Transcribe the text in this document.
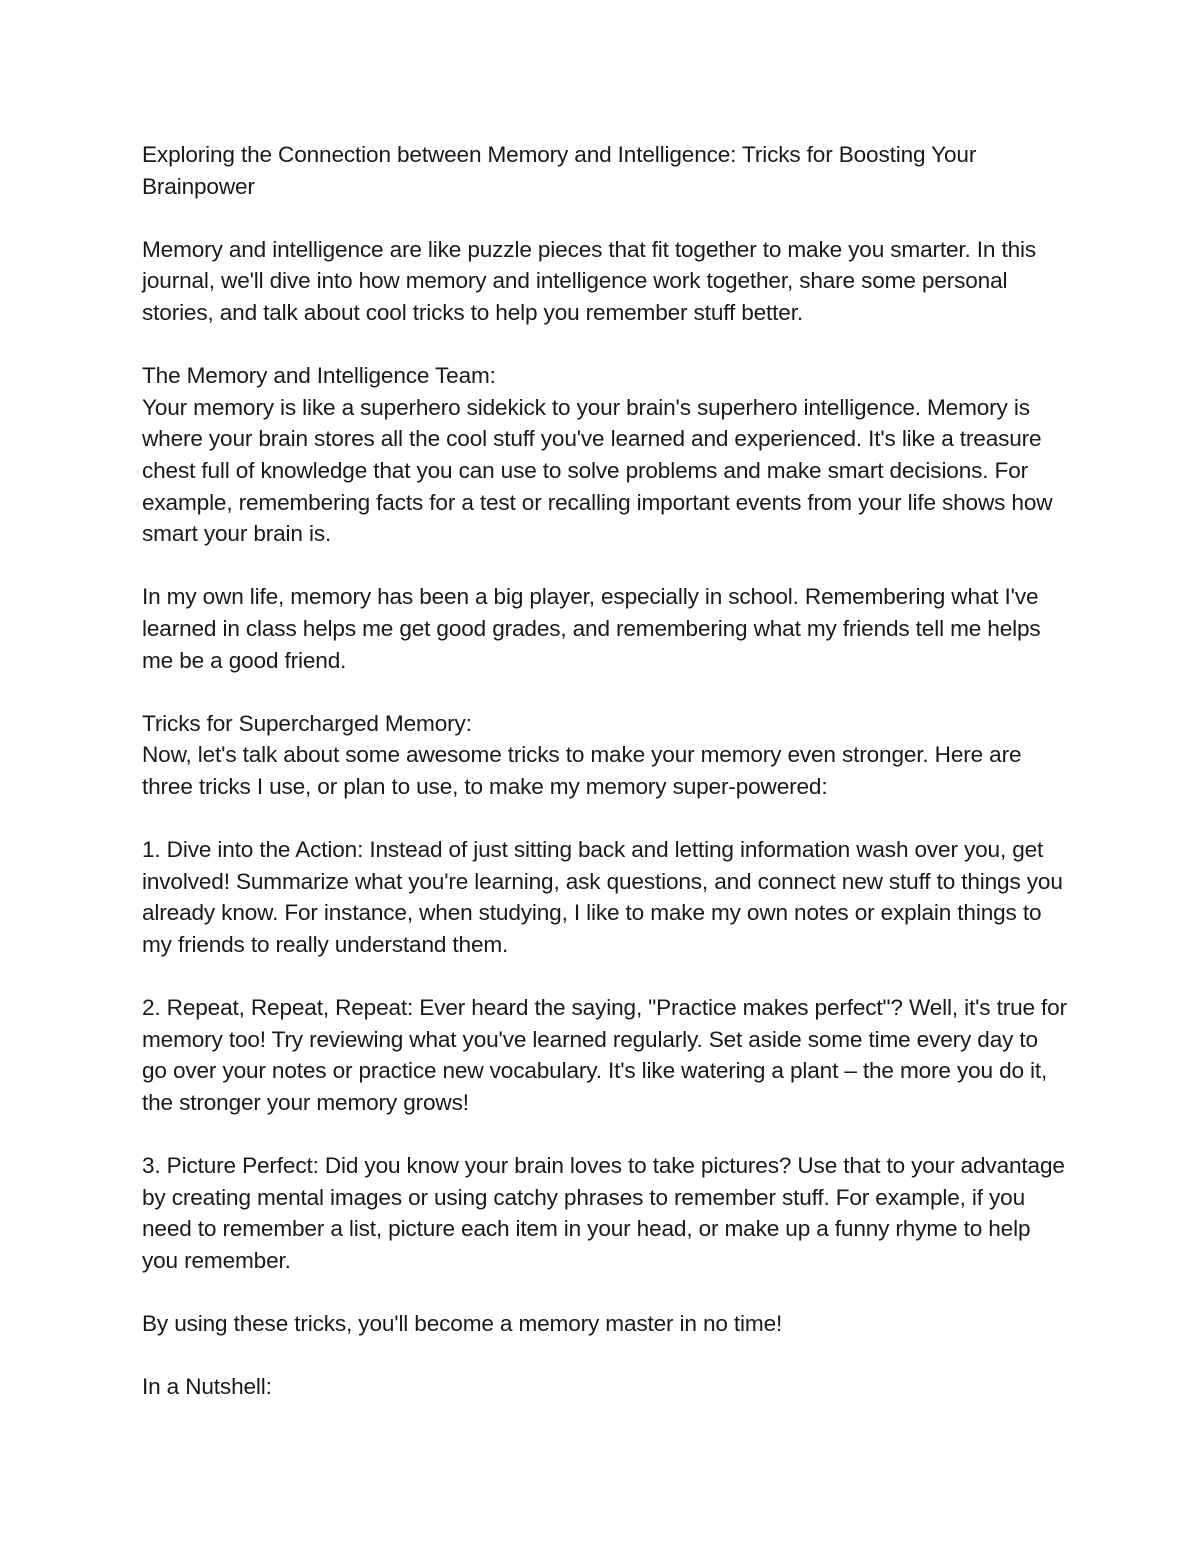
Exploring the Connection between Memory and Intelligence: Tricks for Boosting Your Brainpower

Memory and intelligence are like puzzle pieces that fit together to make you smarter. In this journal, we'll dive into how memory and intelligence work together, share some personal stories, and talk about cool tricks to help you remember stuff better.

The Memory and Intelligence Team:

Your memory is like a superhero sidekick to your brain's superhero intelligence. Memory is where your brain stores all the cool stuff you've learned and experienced. It's like a treasure chest full of knowledge that you can use to solve problems and make smart decisions. For example, remembering facts for a test or recalling important events from your life shows how smart your brain is.

In my own life, memory has been a big player, especially in school. Remembering what I've learned in class helps me get good grades, and remembering what my friends tell me helps me be a good friend.

Tricks for Supercharged Memory:

Now, let's talk about some awesome tricks to make your memory even stronger. Here are three tricks I use, or plan to use, to make my memory super-powered:

1. Dive into the Action: Instead of just sitting back and letting information wash over you, get involved! Summarize what you're learning, ask questions, and connect new stuff to things you already know. For instance, when studying, I like to make my own notes or explain things to my friends to really understand them.

2. Repeat, Repeat, Repeat: Ever heard the saying, "Practice makes perfect"? Well, it's true for memory too! Try reviewing what you've learned regularly. Set aside some time every day to go over your notes or practice new vocabulary. It's like watering a plant – the more you do it, the stronger your memory grows!

3. Picture Perfect: Did you know your brain loves to take pictures? Use that to your advantage by creating mental images or using catchy phrases to remember stuff. For example, if you need to remember a list, picture each item in your head, or make up a funny rhyme to help you remember.

By using these tricks, you'll become a memory master in no time!

In a Nutshell:
